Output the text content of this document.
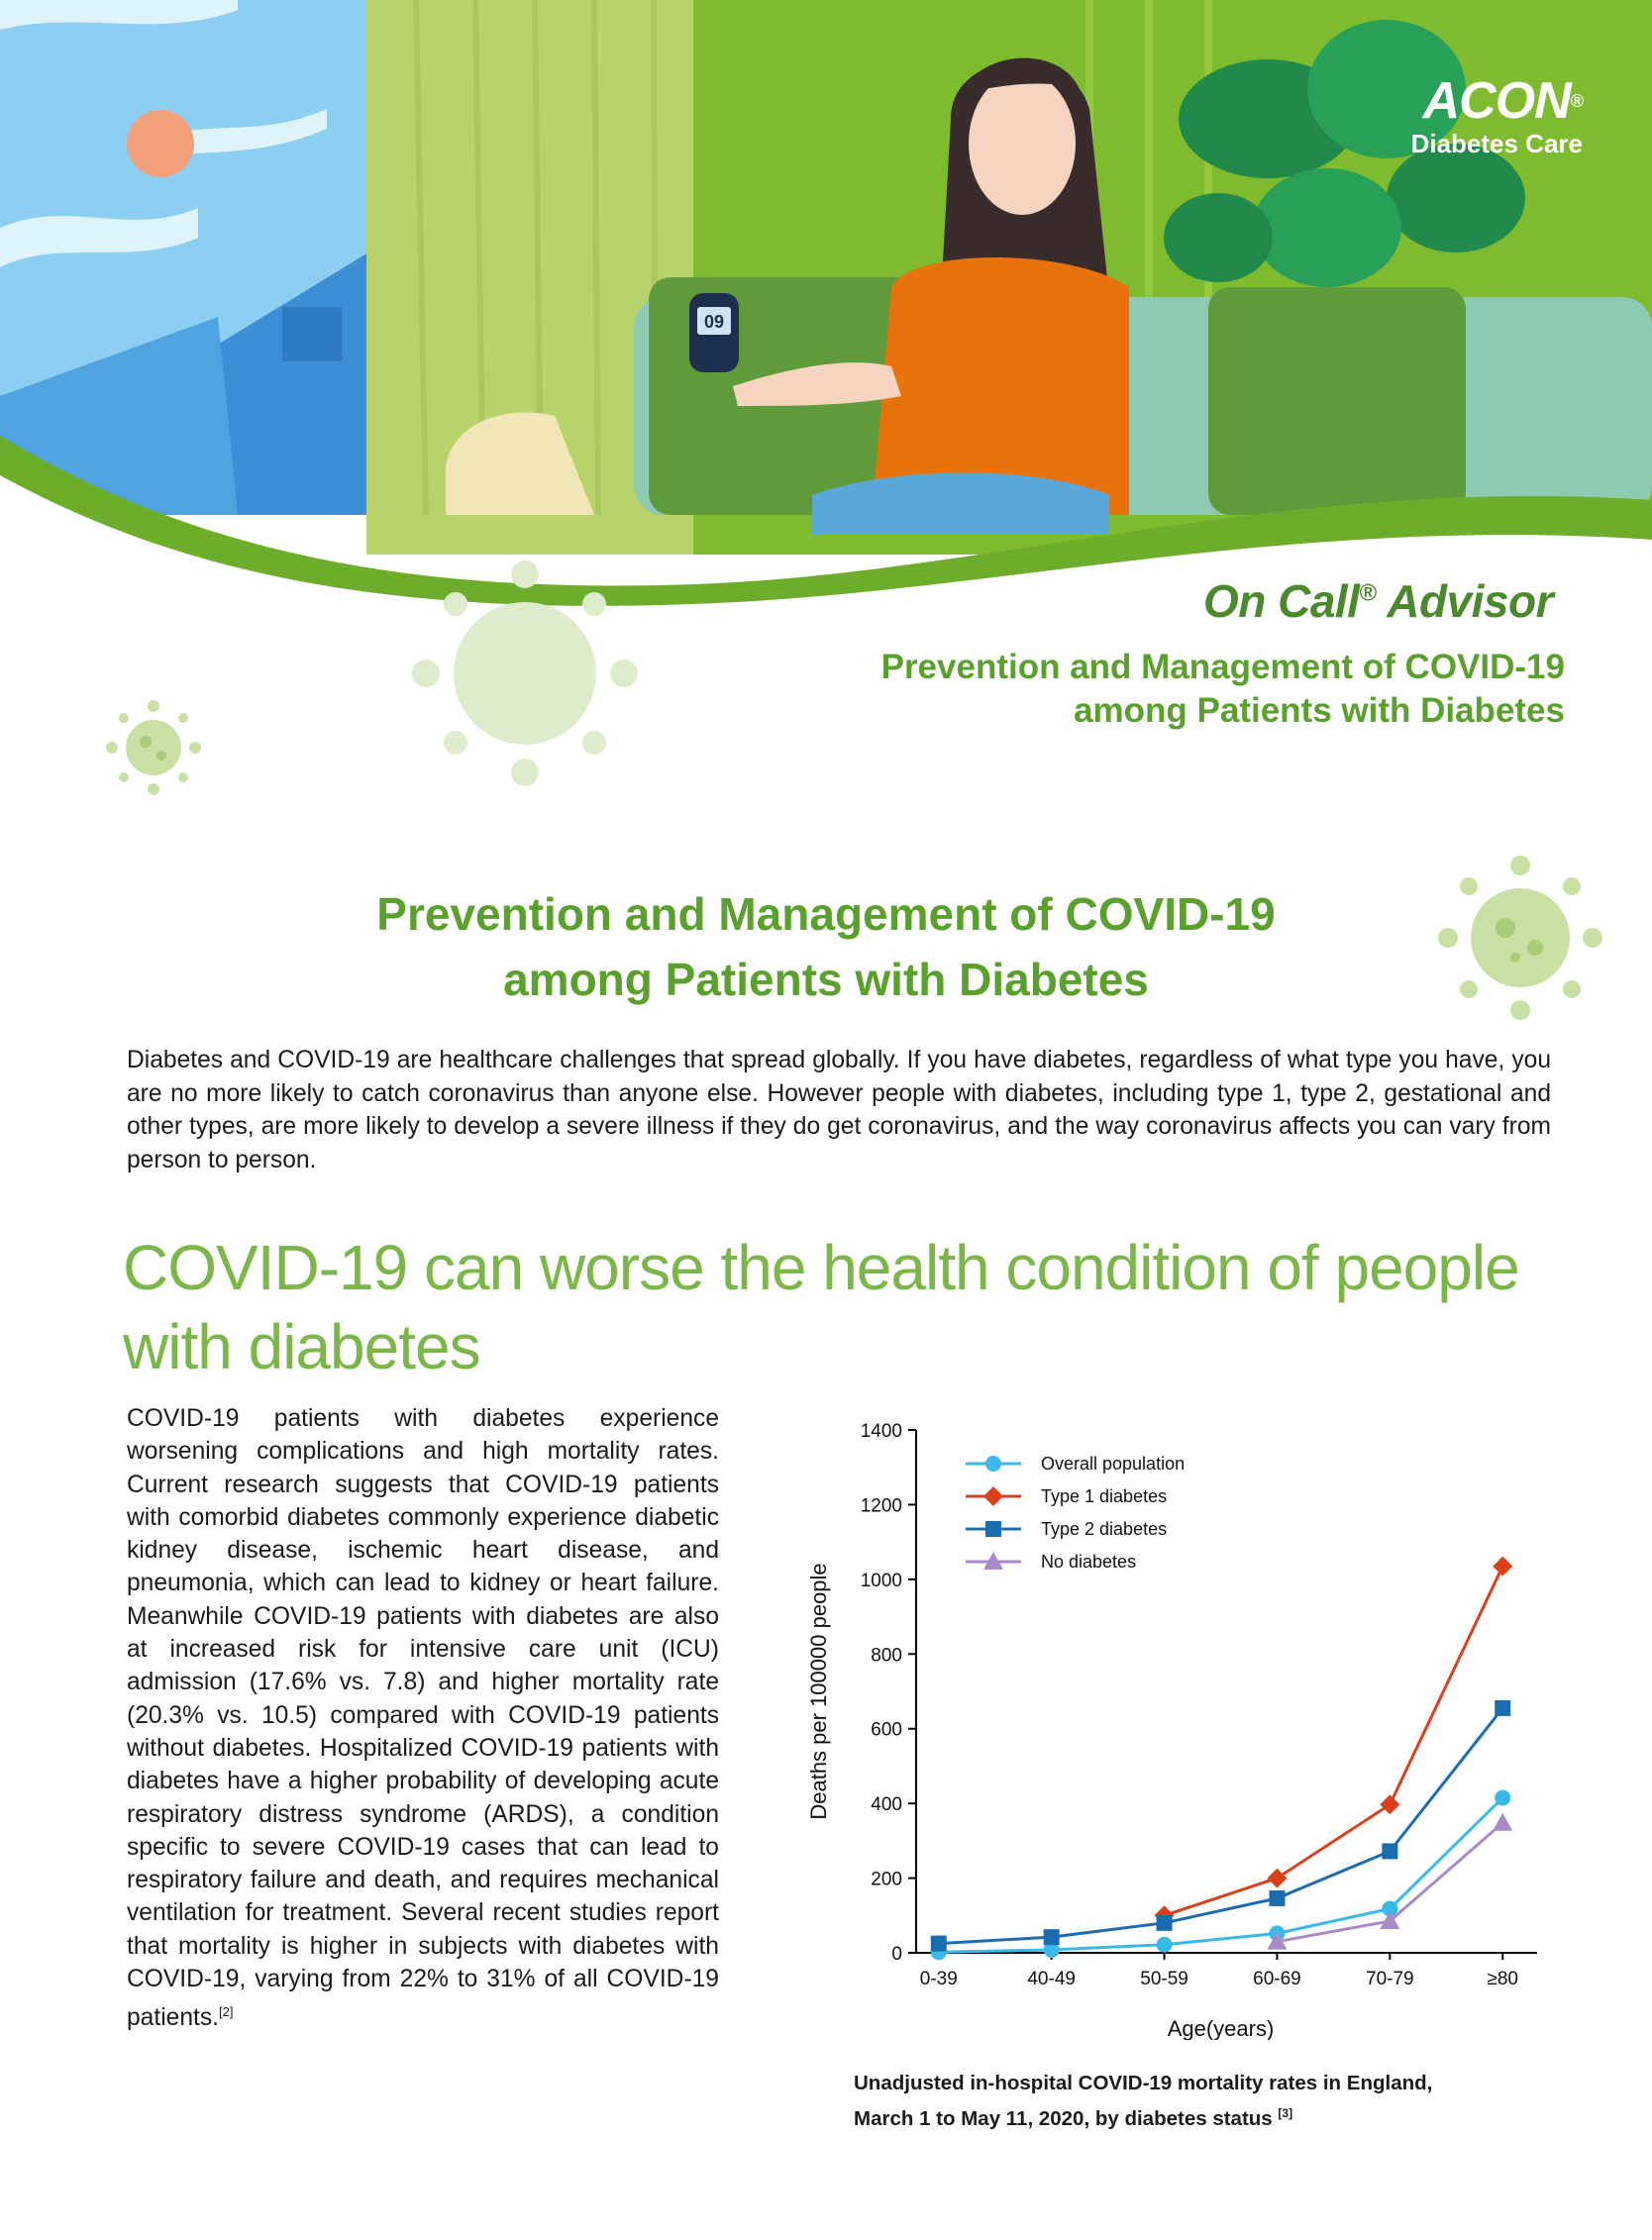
09
ACON®
Diabetes Care
On Call® Advisor
Prevention and Management of COVID-19
among Patients with Diabetes
Prevention and Management of COVID-19
among Patients with Diabetes

Diabetes and COVID-19 are healthcare challenges that spread globally. If you have diabetes, regardless of what type you have, you are no more likely to catch coronavirus than anyone else. However people with diabetes, including type 1, type 2, gestational and other types, are more likely to develop a severe illness if they do get coronavirus, and the way coronavirus affects you can vary from person to person.

COVID-19 can worse the health condition of people with diabetes

COVID-19 patients with diabetes experience worsening complications and high mortality rates. Current research suggests that COVID-19 patients with comorbid diabetes commonly experience diabetic kidney disease, ischemic heart disease, and pneumonia, which can lead to kidney or heart failure. Meanwhile COVID-19 patients with diabetes are also at increased risk for intensive care unit (ICU) admission (17.6% vs. 7.8) and higher mortality rate (20.3% vs. 10.5) compared with COVID-19 patients without diabetes. Hospitalized COVID-19 patients with diabetes have a higher probability of developing acute respiratory distress syndrome (ARDS), a condition specific to severe COVID-19 cases that can lead to respiratory failure and death, and requires mechanical ventilation for treatment. Several recent studies report that mortality is higher in subjects with diabetes with COVID-19, varying from 22% to 31% of all COVID-19 patients.[2]

0
200
400
600
800
1000
1200
1400
0-39	40-49	50-59	60-69	70-79	≥80
Age(years)
Deaths per 100000 people
Overall population
Type 1 diabetes
Type 2 diabetes
No diabetes
Unadjusted in-hospital COVID-19 mortality rates in England,
March 1 to May 11, 2020, by diabetes status [3]
